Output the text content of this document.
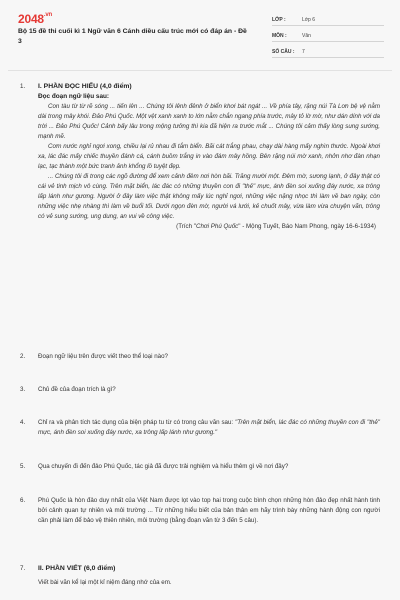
$2048^{.vn}$
Bộ 15 đề thi cuối kì 1 Ngữ văn 6 Cánh diều cấu trúc mới có đáp án - Đề 3
LỚP :	Lớp 6
MÔN :	Văn
SỐ CÂU :	7
1.	I. PHẦN ĐỌC HIỂU (4,0 điểm)
Đọc đoạn ngữ liệu sau:

Con tàu từ từ rẽ sóng ... tiến lên ... Chúng tôi lênh đênh ở biển khơi bát ngát ... Về phía tây, rặng núi Tà Lơn bệ vệ nằm dài trong mây khói. Đảo Phú Quốc. Một vệt xanh xanh to lớn nằm chắn ngang phía trước, mây tỏ lờ mờ, như dán dính với da trời ... Đảo Phú Quốc! Cảnh bấy lâu trong mộng tưởng thì kia đã hiện ra trước mắt ... Chúng tôi cảm thấy lòng sung sướng, mạnh mẽ.

Cơm nước nghỉ ngơi xong, chiều lại rủ nhau đi tắm biển. Bãi cát trắng phau, chạy dài hàng mấy nghìn thước. Ngoài khơi xa, lác đác mấy chiếc thuyền đánh cá, cánh buồm trắng in vào đám mây hồng. Bên rặng núi mờ xanh, nhởn nhơ đàn nhạn lạc, tạc thành một bức tranh ảnh khổng lồ tuyệt đẹp.

... Chúng tôi đi trong các ngõ đường để xem cảnh đêm nơi hòn bãi. Trăng mười một. Đêm mờ, sương lạnh, ở đây thật có cái vẻ tinh mịch vô cùng. Trên mặt biển, lác đác có những thuyền con đi "thẻ" mực, ánh đèn soi xuống đáy nước, xa trông lấp lánh như gương. Người ở đây làm việc thật không mấy lúc nghỉ ngơi, những việc nặng nhọc thì làm về ban ngày, còn những việc nhẹ nhàng thì làm về buổi tối. Dưới ngọn đèn mờ, người vá lưới, kẻ chuốt mây, vừa làm vừa chuyện vãn, trông có vẻ sung sướng, ung dung, an vui về công việc.

(Trích "Chơi Phú Quốc" - Mộng Tuyết, Báo Nam Phong, ngày 16-6-1934)
2.	Đoạn ngữ liệu trên được viết theo thể loại nào?
3.	Chủ đề của đoạn trích là gì?
4.	Chỉ ra và phân tích tác dụng của biện pháp tu từ có trong câu văn sau: "Trên mặt biển, lác đác có những thuyền con đi "thẻ" mực, ánh đèn soi xuống đáy nước, xa trông lấp lánh như gương."
5.	Qua chuyến đi đến đảo Phú Quốc, tác giả đã được trải nghiệm và hiểu thêm gì về nơi đây?
6.	Phú Quốc là hòn đảo duy nhất của Việt Nam được lọt vào top hai trong cuộc bình chọn những hòn đảo đẹp nhất hành tinh bởi cảnh quan tự nhiên và môi trường ... Từ những hiểu biết của bản thân em hãy trình bày những hành động con người cần phải làm để bảo vệ thiên nhiên, môi trường (bằng đoạn văn từ 3 đến 5 câu).
7.	II. PHẦN VIẾT (6,0 điểm)
Viết bài văn kể lại một kỉ niệm đáng nhớ của em.
